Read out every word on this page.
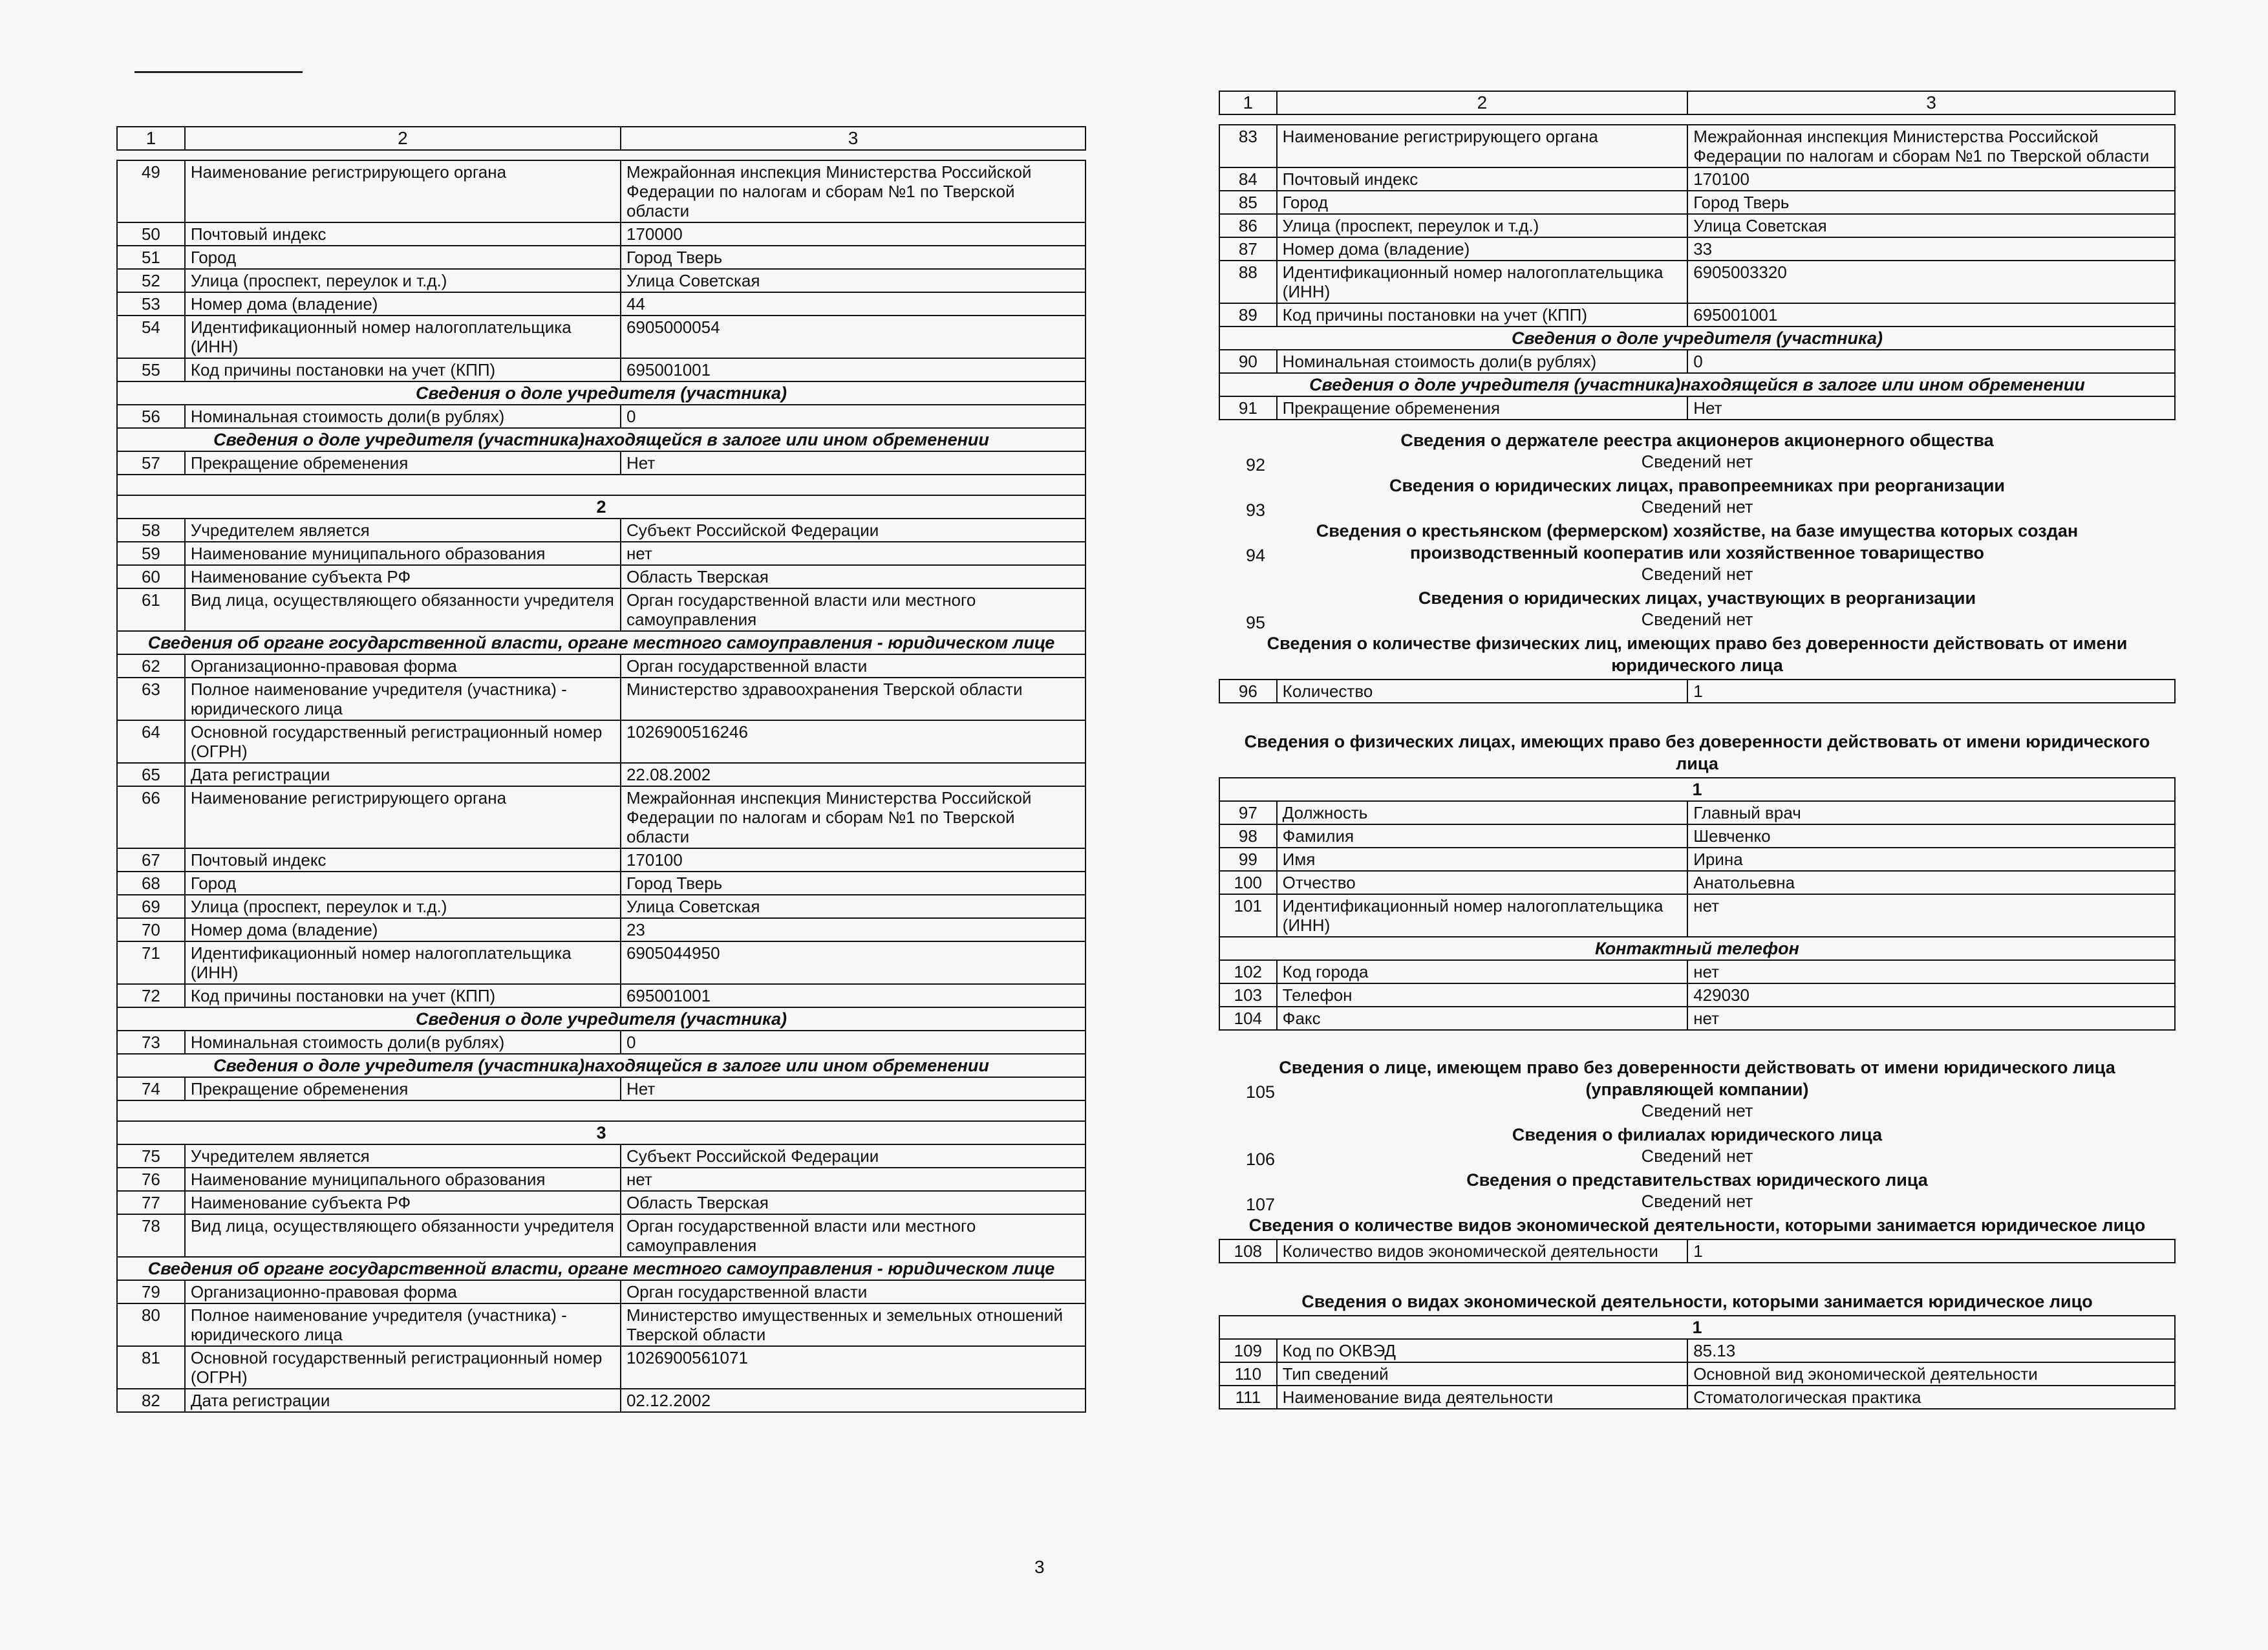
1	2	3
49	Наименование регистрирующего органа	Межрайонная инспекция Министерства Российской Федерации по налогам и сборам №1 по Тверской области
50	Почтовый индекс	170000
51	Город	Город Тверь
52	Улица (проспект, переулок и т.д.)	Улица Советская
53	Номер дома (владение)	44
54	Идентификационный номер налогоплательщика (ИНН)	6905000054
55	Код причины постановки на учет (КПП)	695001001
Сведения о доле учредителя (участника)		
56	Номинальная стоимость доли(в рублях)	0
Сведения о доле учредителя (участника)находящейся в залоге или ином обременении		
57	Прекращение обременения	Нет

2		
58	Учредителем является	Субъект Российской Федерации
59	Наименование муниципального образования	нет
60	Наименование субъекта РФ	Область Тверская
61	Вид лица, осуществляющего обязанности учредителя	Орган государственной власти или местного самоуправления
Сведения об органе государственной власти, органе местного самоуправления - юридическом лице		
62	Организационно-правовая форма	Орган государственной власти
63	Полное наименование учредителя (участника) - юридического лица	Министерство здравоохранения Тверской области
64	Основной государственный регистрационный номер (ОГРН)	1026900516246
65	Дата регистрации	22.08.2002
66	Наименование регистрирующего органа	Межрайонная инспекция Министерства Российской Федерации по налогам и сборам №1 по Тверской области
67	Почтовый индекс	170100
68	Город	Город Тверь
69	Улица (проспект, переулок и т.д.)	Улица Советская
70	Номер дома (владение)	23
71	Идентификационный номер налогоплательщика (ИНН)	6905044950
72	Код причины постановки на учет (КПП)	695001001
Сведения о доле учредителя (участника)		
73	Номинальная стоимость доли(в рублях)	0
Сведения о доле учредителя (участника)находящейся в залоге или ином обременении		
74	Прекращение обременения	Нет

3		
75	Учредителем является	Субъект Российской Федерации
76	Наименование муниципального образования	нет
77	Наименование субъекта РФ	Область Тверская
78	Вид лица, осуществляющего обязанности учредителя	Орган государственной власти или местного самоуправления
Сведения об органе государственной власти, органе местного самоуправления - юридическом лице		
79	Организационно-правовая форма	Орган государственной власти
80	Полное наименование учредителя (участника) - юридического лица	Министерство имущественных и земельных отношений Тверской области
81	Основной государственный регистрационный номер (ОГРН)	1026900561071
82	Дата регистрации	02.12.2002
1	2	3
83	Наименование регистрирующего органа	Межрайонная инспекция Министерства Российской Федерации по налогам и сборам №1 по Тверской области
84	Почтовый индекс	170100
85	Город	Город Тверь
86	Улица (проспект, переулок и т.д.)	Улица Советская
87	Номер дома (владение)	33
88	Идентификационный номер налогоплательщика (ИНН)	6905003320
89	Код причины постановки на учет (КПП)	695001001
Сведения о доле учредителя (участника)		
90	Номинальная стоимость доли(в рублях)	0
Сведения о доле учредителя (участника)находящейся в залоге или ином обременении		
91	Прекращение обременения	Нет
Сведения о держателе реестра акционеров акционерного общества
Сведений нет
92
Сведения о юридических лицах, правопреемниках при реорганизации
Сведений нет
93
Сведения о крестьянском (фермерском) хозяйстве, на базе имущества которых создан производственный кооператив или хозяйственное товарищество
Сведений нет
94
Сведения о юридических лицах, участвующих в реорганизации
Сведений нет
95
Сведения о количестве физических лиц, имеющих право без доверенности действовать от имени юридического лица
96	Количество	1
Сведения о физических лицах, имеющих право без доверенности действовать от имени юридического лица
1		
97	Должность	Главный врач
98	Фамилия	Шевченко
99	Имя	Ирина
100	Отчество	Анатольевна
101	Идентификационный номер налогоплательщика (ИНН)	нет
Контактный телефон		
102	Код города	нет
103	Телефон	429030
104	Факс	нет
Сведения о лице, имеющем право без доверенности действовать от имени юридического лица (управляющей компании)
Сведений нет
105
Сведения о филиалах юридического лица
Сведений нет
106
Сведения о представительствах юридического лица
Сведений нет
107
Сведения о количестве видов экономической деятельности, которыми занимается юридическое лицо
108	Количество видов экономической деятельности	1
Сведения о видах экономической деятельности, которыми занимается юридическое лицо
1		
109	Код по ОКВЭД	85.13
110	Тип сведений	Основной вид экономической деятельности
111	Наименование вида деятельности	Стоматологическая практика
3
